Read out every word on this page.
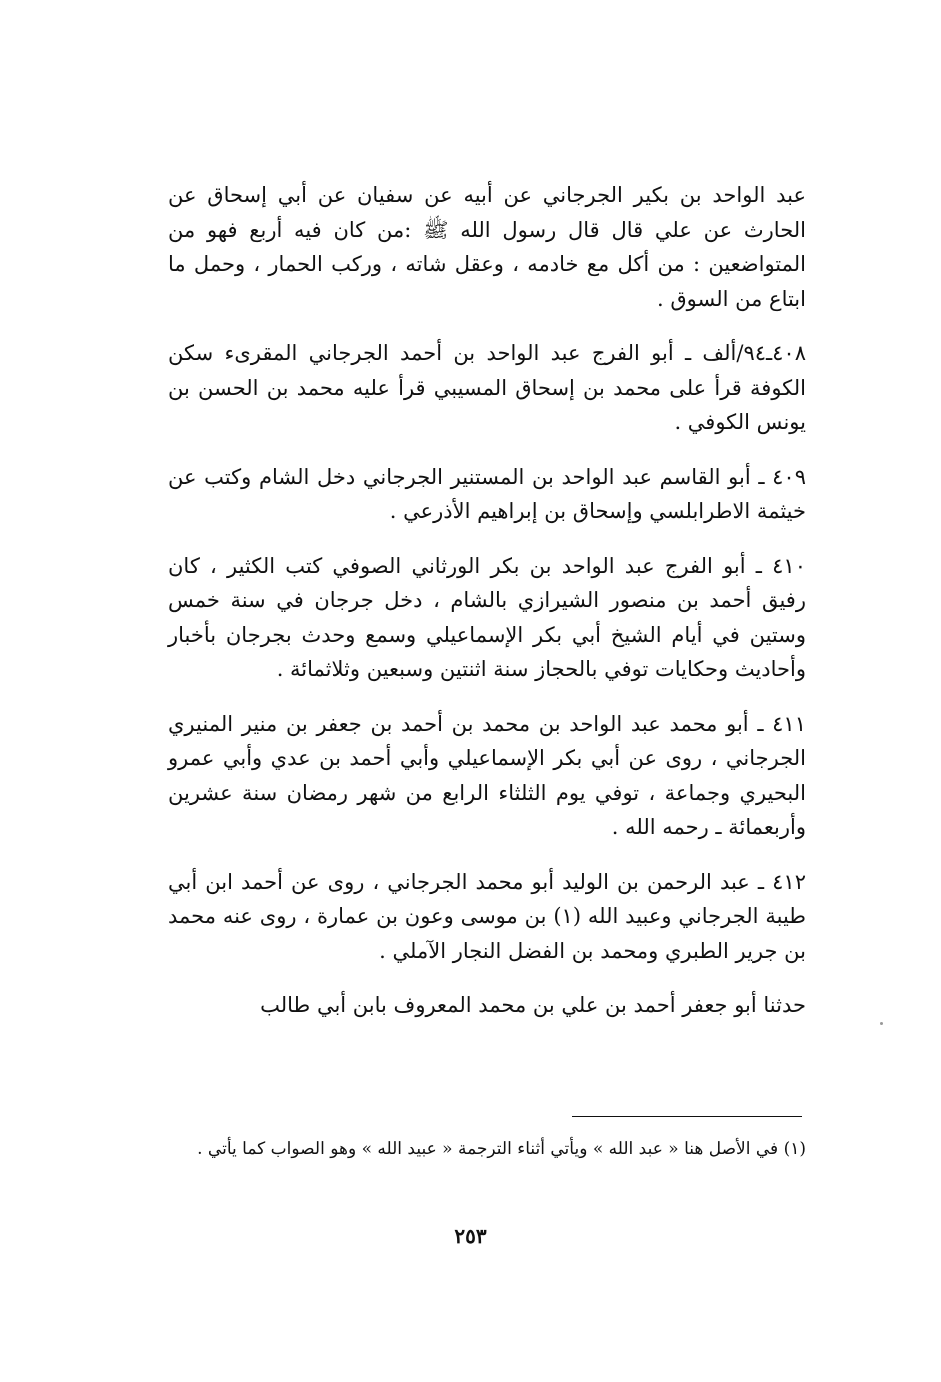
عبد الواحد بن بكير الجرجاني عن أبيه عن سفيان عن أبي إسحاق عن الحارث عن علي قال قال رسول الله ﷺ :من كان فيه أربع فهو من المتواضعين : من أكل مع خادمه ، وعقل شاته ، وركب الحمار ، وحمل ما ابتاع من السوق .

٤٠٨ـ٩٤/ألف ـ أبو الفرج عبد الواحد بن أحمد الجرجاني المقرىء سكن الكوفة قرأ على محمد بن إسحاق المسيبي قرأ عليه محمد بن الحسن بن يونس الكوفي .

٤٠٩ ـ أبو القاسم عبد الواحد بن المستنير الجرجاني دخل الشام وكتب عن خيثمة الاطرابلسي وإسحاق بن إبراهيم الأذرعي .

٤١٠ ـ أبو الفرج عبد الواحد بن بكر الورثاني الصوفي كتب الكثير ، كان رفيق أحمد بن منصور الشيرازي بالشام ، دخل جرجان في سنة خمس وستين في أيام الشيخ أبي بكر الإسماعيلي وسمع وحدث بجرجان بأخبار وأحاديث وحكايات توفي بالحجاز سنة اثنتين وسبعين وثلاثمائة .

٤١١ ـ أبو محمد عبد الواحد بن محمد بن أحمد بن جعفر بن منير المنيري الجرجاني ، روى عن أبي بكر الإسماعيلي وأبي أحمد بن عدي وأبي عمرو البحيري وجماعة ، توفي يوم الثلثاء الرابع من شهر رمضان سنة عشرين وأربعمائة ـ رحمه الله .

٤١٢ ـ عبد الرحمن بن الوليد أبو محمد الجرجاني ، روى عن أحمد ابن أبي طيبة الجرجاني وعبيد الله (١) بن موسى وعون بن عمارة ، روى عنه محمد بن جرير الطبري ومحمد بن الفضل النجار الآملي .

حدثنا أبو جعفر أحمد بن علي بن محمد المعروف بابن أبي طالب

(١) في الأصل هنا « عبد الله » ويأتي أثناء الترجمة « عبيد الله » وهو الصواب كما يأتي .

٢٥٣
